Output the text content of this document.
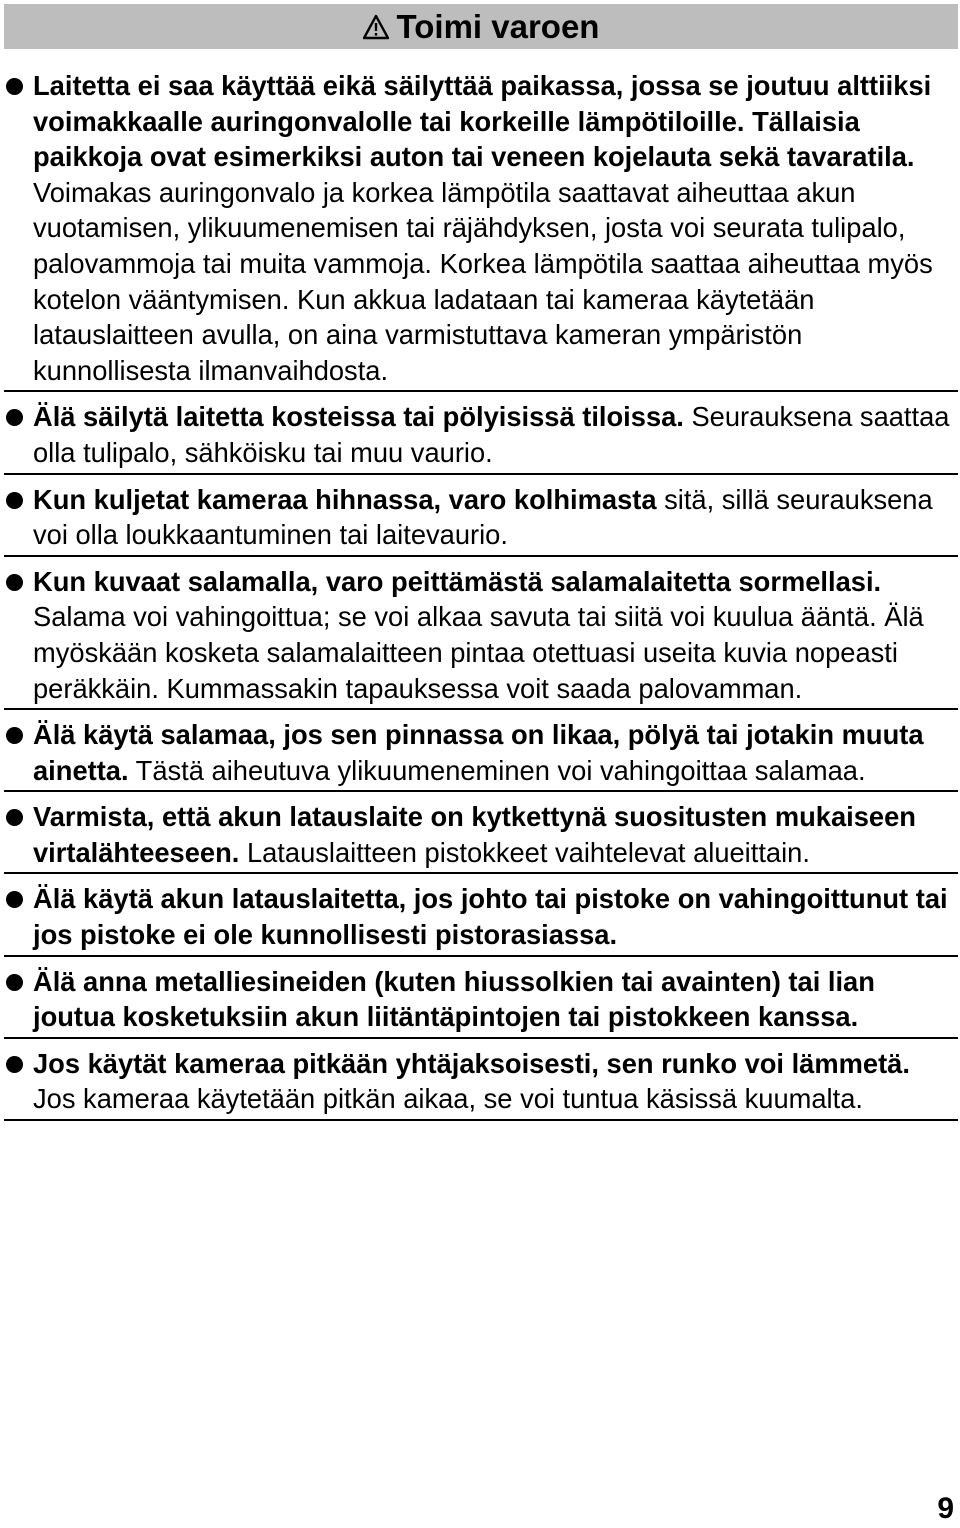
Toimi varoen
Laitetta ei saa käyttää eikä säilyttää paikassa, jossa se joutuu alttiiksi voimakkaalle auringonvalolle tai korkeille lämpötiloille. Tällaisia paikkoja ovat esimerkiksi auton tai veneen kojelauta sekä tavaratila. Voimakas auringonvalo ja korkea lämpötila saattavat aiheuttaa akun vuotamisen, ylikuumenemisen tai räjähdyksen, josta voi seurata tulipalo, palovammoja tai muita vammoja. Korkea lämpötila saattaa aiheuttaa myös kotelon vääntymisen. Kun akkua ladataan tai kameraa käytetään latauslaitteen avulla, on aina varmistuttava kameran ympäristön kunnollisesta ilmanvaihdosta.
Älä säilytä laitetta kosteissa tai pölyisissä tiloissa. Seurauksena saattaa olla tulipalo, sähköisku tai muu vaurio.
Kun kuljetat kameraa hihnassa, varo kolhimasta sitä, sillä seurauksena voi olla loukkaantuminen tai laitevaurio.
Kun kuvaat salamalla, varo peittämästä salamalaitetta sormellasi. Salama voi vahingoittua; se voi alkaa savuta tai siitä voi kuulua ääntä. Älä myöskään kosketa salamalaitteen pintaa otettuasi useita kuvia nopeasti peräkkäin. Kummassakin tapauksessa voit saada palovamman.
Älä käytä salamaa, jos sen pinnassa on likaa, pölyä tai jotakin muuta ainetta. Tästä aiheutuva ylikuumeneminen voi vahingoittaa salamaa.
Varmista, että akun latauslaite on kytkettynä suositusten mukaiseen virtalähteeseen. Latauslaitteen pistokkeet vaihtelevat alueittain.
Älä käytä akun latauslaitetta, jos johto tai pistoke on vahingoittunut tai jos pistoke ei ole kunnollisesti pistorasiassa.
Älä anna metalliesineiden (kuten hiussolkien tai avainten) tai lian joutua kosketuksiin akun liitäntäpintojen tai pistokkeen kanssa.
Jos käytät kameraa pitkään yhtäjaksoisesti, sen runko voi lämmetä. Jos kameraa käytetään pitkän aikaa, se voi tuntua käsissä kuumalta.
9
